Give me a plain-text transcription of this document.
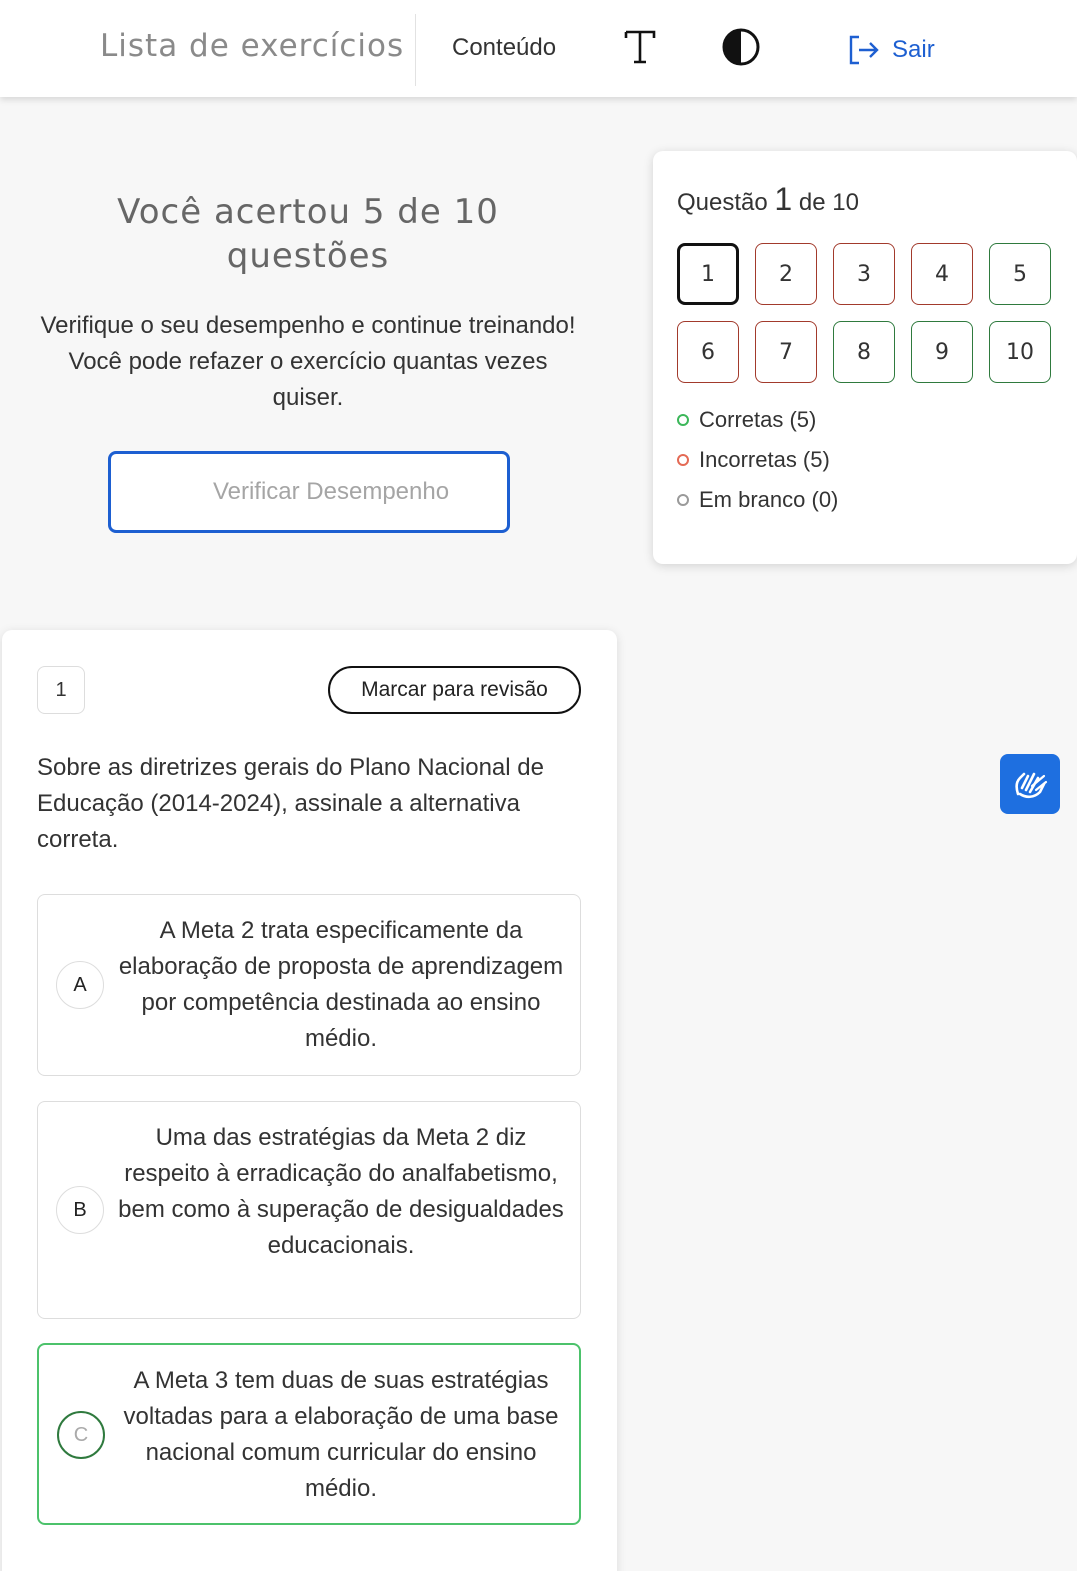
Lista de exercícios Conteúdo	Sair
Você acertou 5 de 10 questões
Verifique o seu desempenho e continue treinando! Você pode refazer o exercício quantas vezes quiser.
Verificar Desempenho
Questão 1 de 10
1	2	3	4	5
6	7	8	9	10
Corretas (5)
Incorretas (5)
Em branco (0)
1	Marcar para revisão
Sobre as diretrizes gerais do Plano Nacional de Educação (2014-2024), assinale a alternativa correta.
A
A Meta 2 trata especificamente da elaboração de proposta de aprendizagem por competência destinada ao ensino médio.
B
Uma das estratégias da Meta 2 diz respeito à erradicação do analfabetismo, bem como à superação de desigualdades educacionais.
C
A Meta 3 tem duas de suas estratégias voltadas para a elaboração de uma base nacional comum curricular do ensino médio.
